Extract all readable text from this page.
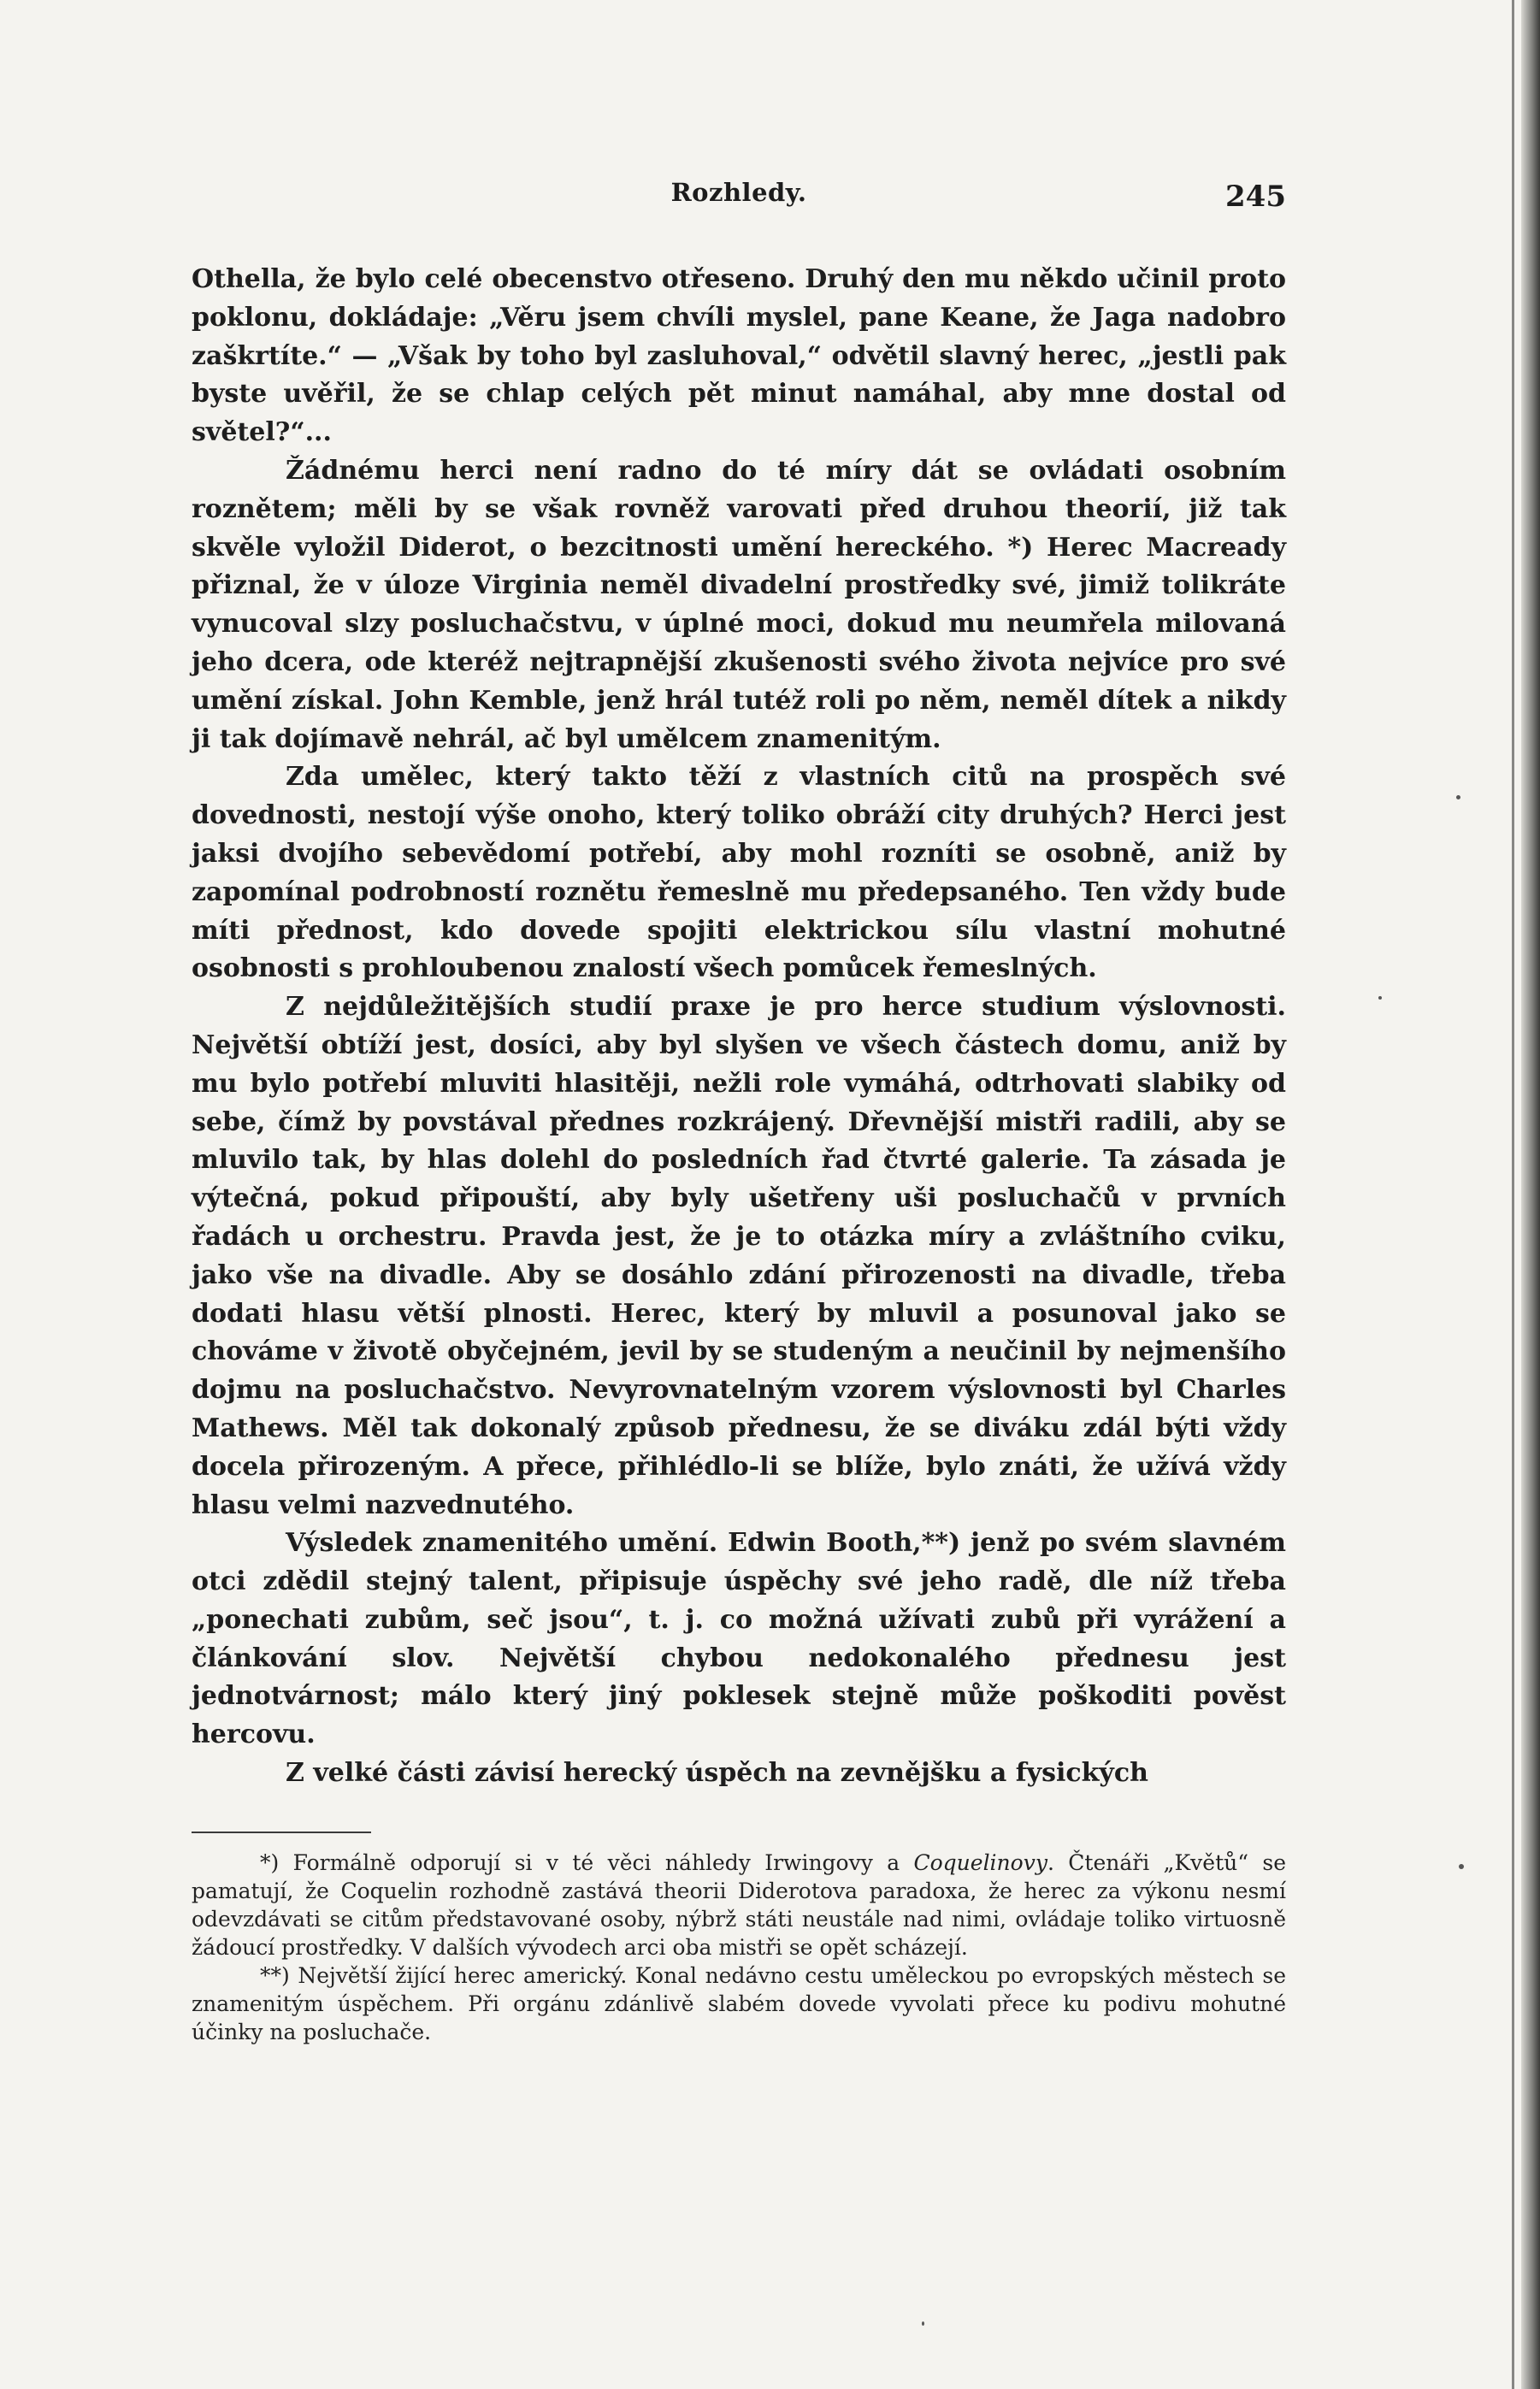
Rozhledy.	245

Othella, že bylo celé obecenstvo otřeseno. Druhý den mu někdo učinil proto poklonu, dokládaje: „Věru jsem chvíli myslel, pane Keane, že Jaga nadobro zaškrtíte.“ — „Však by toho byl zasluhoval,“ odvětil slavný herec, „jestli pak byste uvěřil, že se chlap celých pět minut namáhal, aby mne dostal od světel?“...

Žádnému herci není radno do té míry dát se ovládati osobním roznětem; měli by se však rovněž varovati před druhou theorií, již tak skvěle vyložil Diderot, o bezcitnosti umění hereckého. *) Herec Macready přiznal, že v úloze Virginia neměl divadelní prostředky své, jimiž tolikráte vynucoval slzy posluchačstvu, v úplné moci, dokud mu neumřela milovaná jeho dcera, ode kteréž nejtrapnější zkušenosti svého života nejvíce pro své umění získal. John Kemble, jenž hrál tutéž roli po něm, neměl dítek a nikdy ji tak dojímavě nehrál, ač byl umělcem znamenitým.

Zda umělec, který takto těží z vlastních citů na prospěch své dovednosti, nestojí výše onoho, který toliko obráží city druhých? Herci jest jaksi dvojího sebevědomí potřebí, aby mohl rozníti se osobně, aniž by zapomínal podrobností roznětu řemeslně mu předepsaného. Ten vždy bude míti přednost, kdo dovede spojiti elektrickou sílu vlastní mohutné osobnosti s prohloubenou znalostí všech pomůcek řemeslných.

Z nejdůležitějších studií praxe je pro herce studium výslovnosti. Největší obtíží jest, dosíci, aby byl slyšen ve všech částech domu, aniž by mu bylo potřebí mluviti hlasitěji, nežli role vymáhá, odtrhovati slabiky od sebe, čímž by povstával přednes rozkrájený. Dřevnější mistři radili, aby se mluvilo tak, by hlas dolehl do posledních řad čtvrté galerie. Ta zásada je výtečná, pokud připouští, aby byly ušetřeny uši posluchačů v prvních řadách u orchestru. Pravda jest, že je to otázka míry a zvláštního cviku, jako vše na divadle. Aby se dosáhlo zdání přirozenosti na divadle, třeba dodati hlasu větší plnosti. Herec, který by mluvil a posunoval jako se chováme v životě obyčejném, jevil by se studeným a neučinil by nejmenšího dojmu na posluchačstvo. Nevyrovnatelným vzorem výslovnosti byl Charles Mathews. Měl tak dokonalý způsob přednesu, že se diváku zdál býti vždy docela přirozeným. A přece, přihlédlo-li se blíže, bylo znáti, že užívá vždy hlasu velmi nazvednutého.

Výsledek znamenitého umění. Edwin Booth,**) jenž po svém slavném otci zdědil stejný talent, připisuje úspěchy své jeho radě, dle níž třeba „ponechati zubům, seč jsou“, t. j. co možná užívati zubů při vyrážení a článkování slov. Největší chybou nedokonalého přednesu jest jednotvárnost; málo který jiný poklesek stejně může poškoditi pověst hercovu.

Z velké části závisí herecký úspěch na zevnějšku a fysických

*) Formálně odporují si v té věci náhledy Irwingovy a Coquelinovy. Čtenáři „Květů“ se pamatují, že Coquelin rozhodně zastává theorii Diderotova paradoxa, že herec za výkonu nesmí odevzdávati se citům představované osoby, nýbrž státi neustále nad nimi, ovládaje toliko virtuosně žádoucí prostředky. V dalších vývodech arci oba mistři se opět scházejí.

**) Největší žijící herec americký. Konal nedávno cestu uměleckou po evropských městech se znamenitým úspěchem. Při orgánu zdánlivě slabém dovede vyvolati přece ku podivu mohutné účinky na posluchače.
